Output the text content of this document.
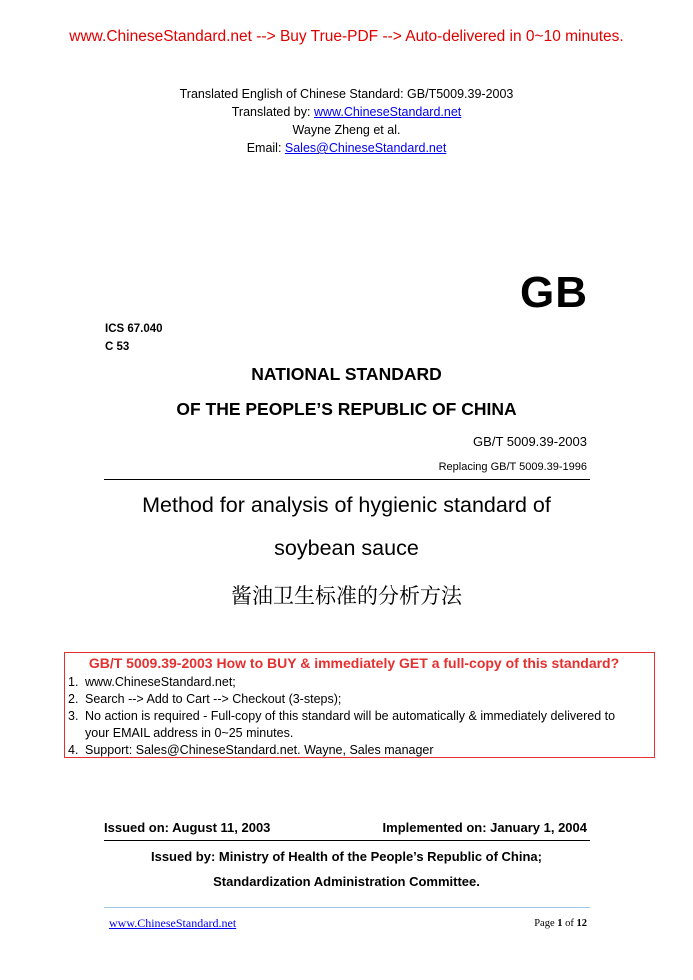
www.ChineseStandard.net --> Buy True-PDF --> Auto-delivered in 0~10 minutes.
Translated English of Chinese Standard: GB/T5009.39-2003
Translated by: www.ChineseStandard.net
Wayne Zheng et al.
Email: Sales@ChineseStandard.net
GB
ICS 67.040
C 53
NATIONAL STANDARD
OF THE PEOPLE’S REPUBLIC OF CHINA
GB/T 5009.39-2003
Replacing GB/T 5009.39-1996
Method for analysis of hygienic standard of
soybean sauce
酱油卫生标准的分析方法
GB/T 5009.39-2003 How to BUY & immediately GET a full-copy of this standard?
1. www.ChineseStandard.net;
2. Search --> Add to Cart --> Checkout (3-steps);
3. No action is required - Full-copy of this standard will be automatically & immediately delivered to your EMAIL address in 0~25 minutes.
4. Support: Sales@ChineseStandard.net. Wayne, Sales manager
Issued on: August 11, 2003	Implemented on: January 1, 2004
Issued by: Ministry of Health of the People’s Republic of China;
Standardization Administration Committee.
www.ChineseStandard.net	Page 1 of 12
